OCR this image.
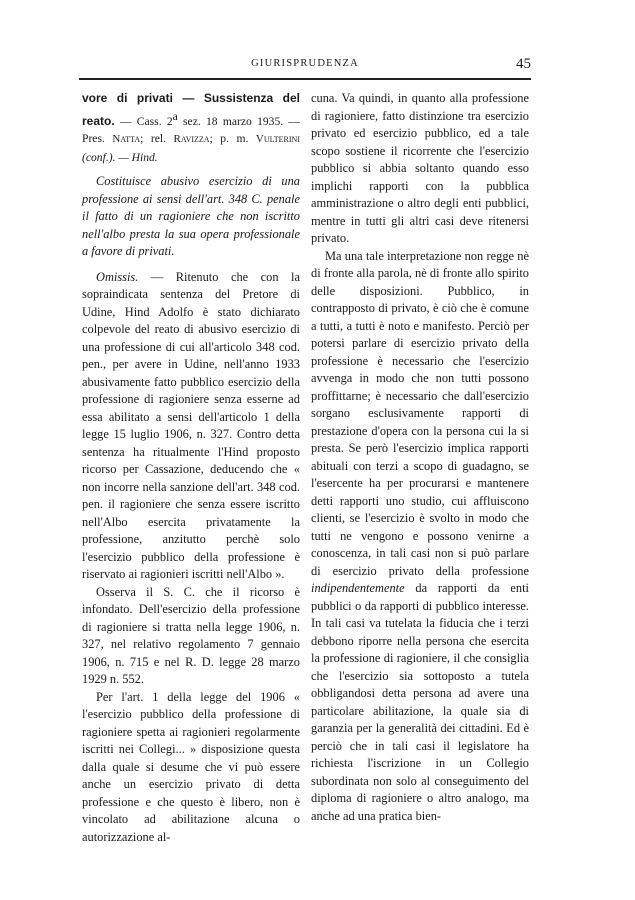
GIURISPRUDENZA	45

vore di privati — Sussistenza del reato. — Cass. 2$^a$ sez. 18 marzo 1935. — Pres. Natta; rel. Ravizza; p. m. Vulterini (conf.). — Hind.

Costituisce abusivo esercizio di una professione ai sensi dell'art. 348 C. penale il fatto di un ragioniere che non iscritto nell'albo presta la sua opera professionale a favore di privati.

Omissis. — Ritenuto che con la sopraindicata sentenza del Pretore di Udine, Hind Adolfo è stato dichiarato colpevole del reato di abusivo esercizio di una professione di cui all'articolo 348 cod. pen., per avere in Udine, nell'anno 1933 abusivamente fatto pubblico esercizio della professione di ragioniere senza esserne ad essa abilitato a sensi dell'articolo 1 della legge 15 luglio 1906, n. 327. Contro detta sentenza ha ritualmente l'Hind proposto ricorso per Cassazione, deducendo che « non incorre nella sanzione dell'art. 348 cod. pen. il ragioniere che senza essere iscritto nell'Albo esercita privatamente la professione, anzitutto perchè solo l'esercizio pubblico della professione è riservato ai ragionieri iscritti nell'Albo ».

Osserva il S. C. che il ricorso è infondato. Dell'esercizio della professione di ragioniere si tratta nella legge 1906, n. 327, nel relativo regolamento 7 gennaio 1906, n. 715 e nel R. D. legge 28 marzo 1929 n. 552.

Per l'art. 1 della legge del 1906 « l'esercizio pubblico della professione di ragioniere spetta ai ragionieri regolarmente iscritti nei Collegi... » disposizione questa dalla quale si desume che vi può essere anche un esercizio privato di detta professione e che questo è libero, non è vincolato ad abilitazione alcuna o autorizzazione al-

cuna. Va quindi, in quanto alla professione di ragioniere, fatto distinzione tra esercizio privato ed esercizio pubblico, ed a tale scopo sostiene il ricorrente che l'esercizio pubblico si abbia soltanto quando esso implichi rapporti con la pubblica amministrazione o altro degli enti pubblici, mentre in tutti gli altri casi deve ritenersi privato.

Ma una tale interpretazione non regge nè di fronte alla parola, nè di fronte allo spirito delle disposizioni. Pubblico, in contrapposto di privato, è ciò che è comune a tutti, a tutti è noto e manifesto. Perciò per potersi parlare di esercizio privato della professione è necessario che l'esercizio avvenga in modo che non tutti possono proffittarne; è necessario che dall'esercizio sorgano esclusivamente rapporti di prestazione d'opera con la persona cui la si presta. Se però l'esercizio implica rapporti abituali con terzi a scopo di guadagno, se l'esercente ha per procurarsi e mantenere detti rapporti uno studio, cui affluiscono clienti, se l'esercizio è svolto in modo che tutti ne vengono e possono venirne a conoscenza, in tali casi non si può parlare di esercizio privato della professione indipendentemente da rapporti da enti pubblici o da rapporti di pubblico interesse. In tali casi va tutelata la fiducia che i terzi debbono riporre nella persona che esercita la professione di ragioniere, il che consiglia che l'esercizio sia sottoposto a tutela obbligandosi detta persona ad avere una particolare abilitazione, la quale sia di garanzia per la generalità dei cittadini. Ed è perciò che in tali casi il legislatore ha richiesta l'iscrizione in un Collegio subordinata non solo al conseguimento del diploma di ragioniere o altro analogo, ma anche ad una pratica bien-
